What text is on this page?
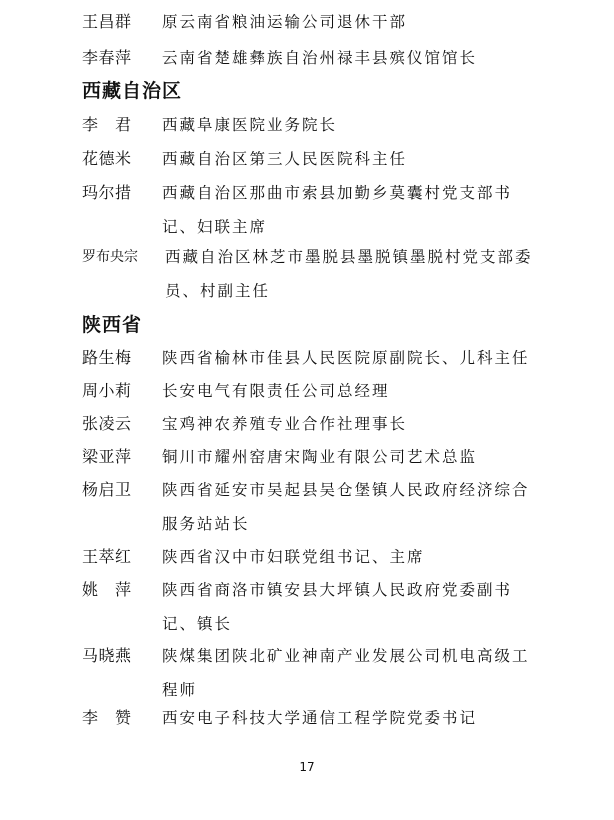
王昌群	原云南省粮油运输公司退休干部
李春萍	云南省楚雄彝族自治州禄丰县殡仪馆馆长
西藏自治区
李　君	西藏阜康医院业务院长
花德米	西藏自治区第三人民医院科主任
玛尔措	西藏自治区那曲市索县加勤乡莫囊村党支部书记、妇联主席
罗布央宗	西藏自治区林芝市墨脱县墨脱镇墨脱村党支部委员、村副主任
陕西省
路生梅	陕西省榆林市佳县人民医院原副院长、儿科主任
周小莉	长安电气有限责任公司总经理
张凌云	宝鸡神农养殖专业合作社理事长
梁亚萍	铜川市耀州窑唐宋陶业有限公司艺术总监
杨启卫	陕西省延安市吴起县吴仓堡镇人民政府经济综合服务站站长
王萃红	陕西省汉中市妇联党组书记、主席
姚　萍	陕西省商洛市镇安县大坪镇人民政府党委副书记、镇长
马晓燕	陕煤集团陕北矿业神南产业发展公司机电高级工程师
李　赞	西安电子科技大学通信工程学院党委书记
17
